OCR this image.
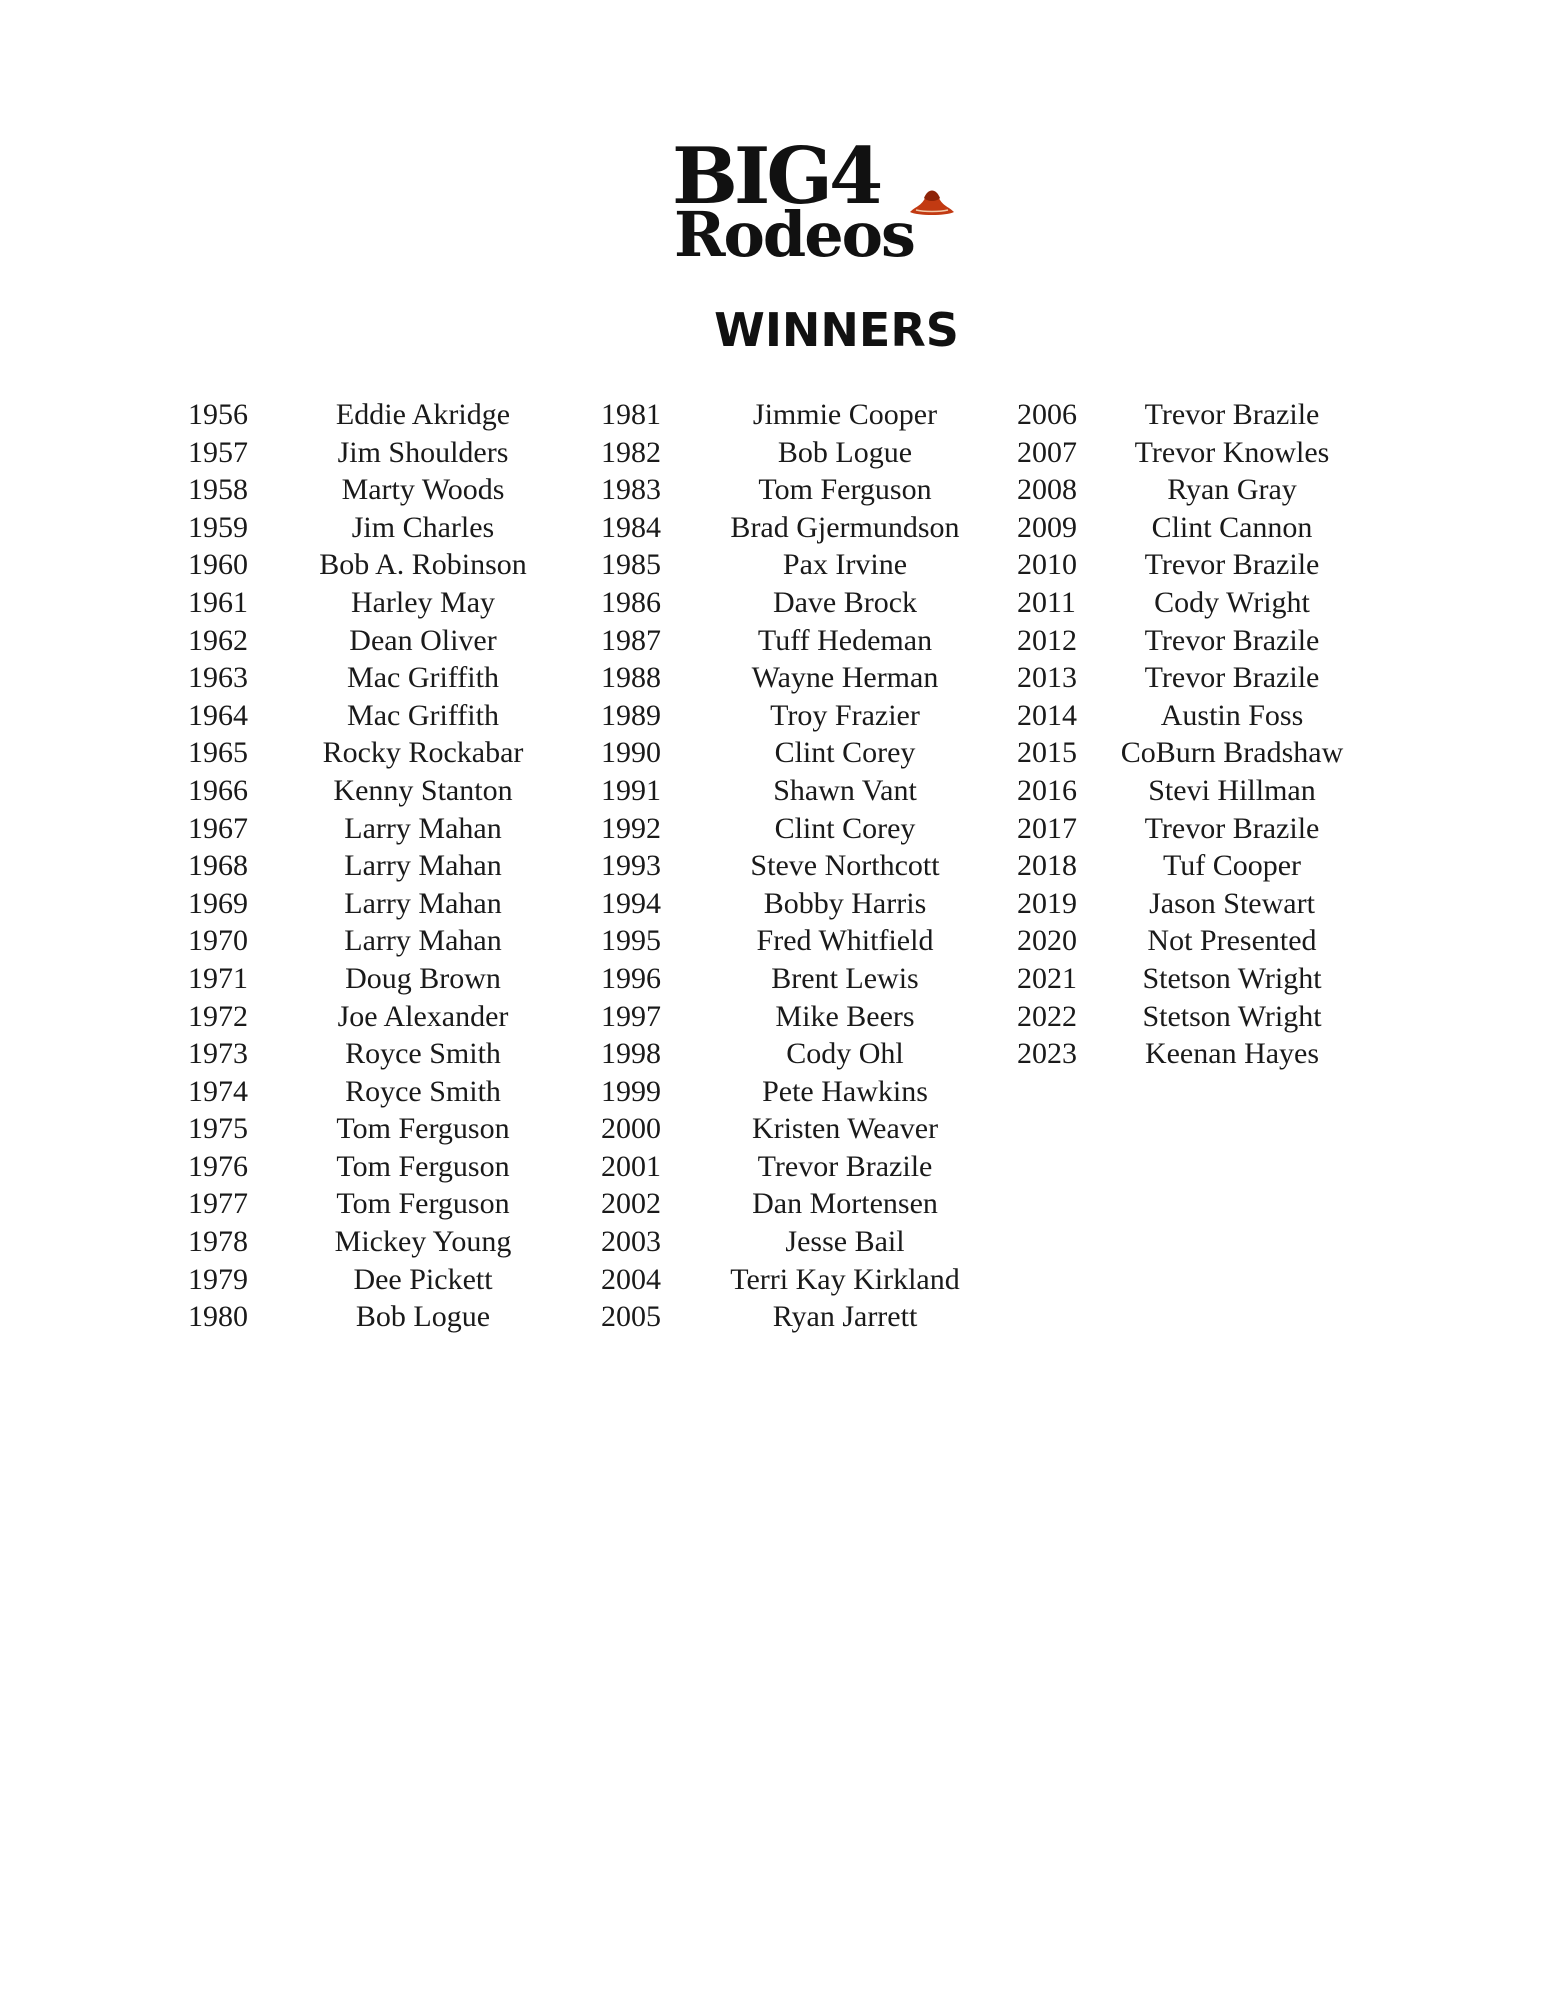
BIG4
Rodeos
WINNERS
1956	Eddie Akridge
1957	Jim Shoulders
1958	Marty Woods
1959	Jim Charles
1960 Bob A. Robinson
1961	Harley May
1962	Dean Oliver
1963	Mac Griffith
1964	Mac Griffith
1965 Rocky Rockabar
1966	Kenny Stanton
1967	Larry Mahan
1968	Larry Mahan
1969	Larry Mahan
1970	Larry Mahan
1971	Doug Brown
1972	Joe Alexander
1973	Royce Smith
1974	Royce Smith
1975	Tom Ferguson
1976	Tom Ferguson
1977	Tom Ferguson
1978	Mickey Young
1979	Dee Pickett
1980	Bob Logue
1981	Jimmie Cooper
1982	Bob Logue
1983	Tom Ferguson
1984 Brad Gjermundson
1985	Pax Irvine
1986	Dave Brock
1987	Tuff Hedeman
1988	Wayne Herman
1989	Troy Frazier
1990	Clint Corey
1991	Shawn Vant
1992	Clint Corey
1993	Steve Northcott
1994	Bobby Harris
1995	Fred Whitfield
1996	Brent Lewis
1997	Mike Beers
1998	Cody Ohl
1999	Pete Hawkins
2000	Kristen Weaver
2001	Trevor Brazile
2002	Dan Mortensen
2003	Jesse Bail
2004 Terri Kay Kirkland
2005	Ryan Jarrett
2006 Trevor Brazile
2007 Trevor Knowles
2008	Ryan Gray
2009 Clint Cannon
2010 Trevor Brazile
2011	Cody Wright
2012 Trevor Brazile
2013 Trevor Brazile
2014	Austin Foss
2015 CoBurn Bradshaw
2016 Stevi Hillman
2017 Trevor Brazile
2018	Tuf Cooper
2019 Jason Stewart
2020 Not Presented
2021 Stetson Wright
2022 Stetson Wright
2023 Keenan Hayes
